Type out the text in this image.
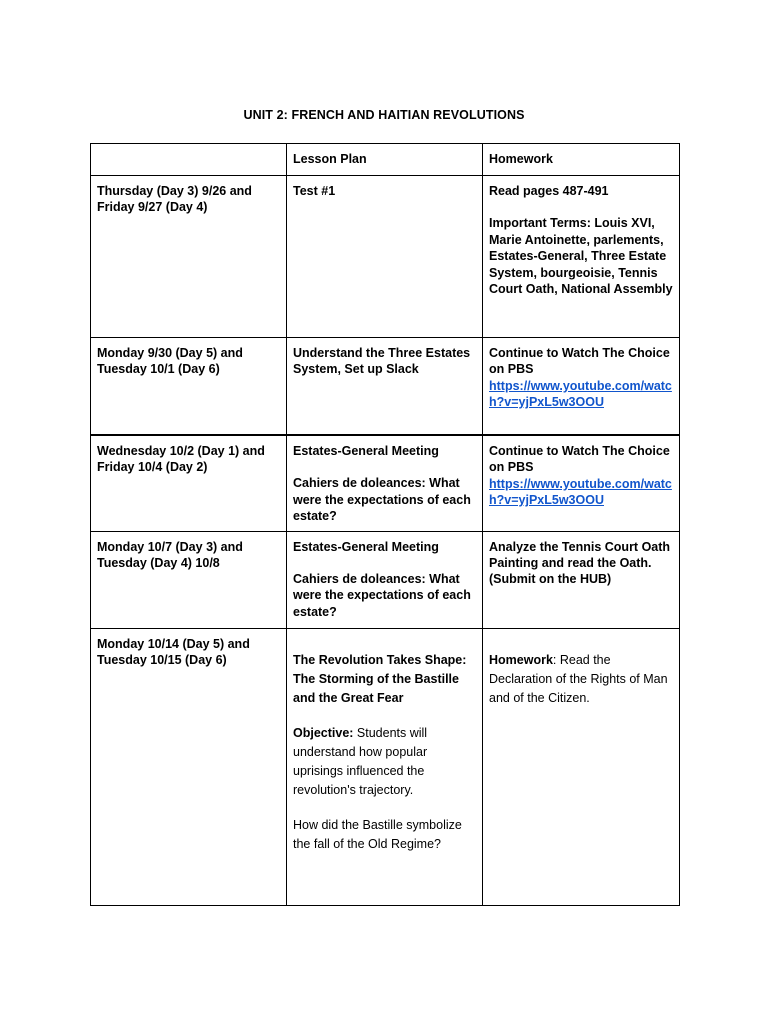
UNIT 2: FRENCH AND HAITIAN REVOLUTIONS
	Lesson Plan	Homework
Thursday (Day 3) 9/26 and Friday 9/27 (Day 4)	Test #1	Read pages 487-491
Important Terms: Louis XVI, Marie Antoinette, parlements,
Estates-General, Three Estate System, bourgeoisie, Tennis Court Oath, National Assembly

Monday 9/30 (Day 5) and Tuesday 10/1 (Day 6)	Understand the Three Estates System, Set up Slack	Continue to Watch The Choice on PBS
https://www.youtube.com/watch?v=yjPxL5w3OOU

Wednesday 10/2 (Day 1) and Friday 10/4 (Day 2)	Estates-General Meeting
Cahiers de doleances: What were the expectations of each estate?	Continue to Watch The Choice on PBS
https://www.youtube.com/watch?v=yjPxL5w3OOU

Monday 10/7 (Day 3) and Tuesday (Day 4) 10/8	Estates-General Meeting
Cahiers de doleances: What were the expectations of each estate?	Analyze the Tennis Court Oath Painting and read the Oath. (Submit on the HUB)
Monday 10/14 (Day 5) and Tuesday 10/15 (Day 6)	The Revolution Takes Shape: The Storming of the Bastille and the Great Fear
Objective: Students will understand how popular uprisings influenced the revolution's trajectory.
How did the Bastille symbolize the fall of the Old Regime?	Homework: Read the Declaration of the Rights of Man and of the Citizen.
